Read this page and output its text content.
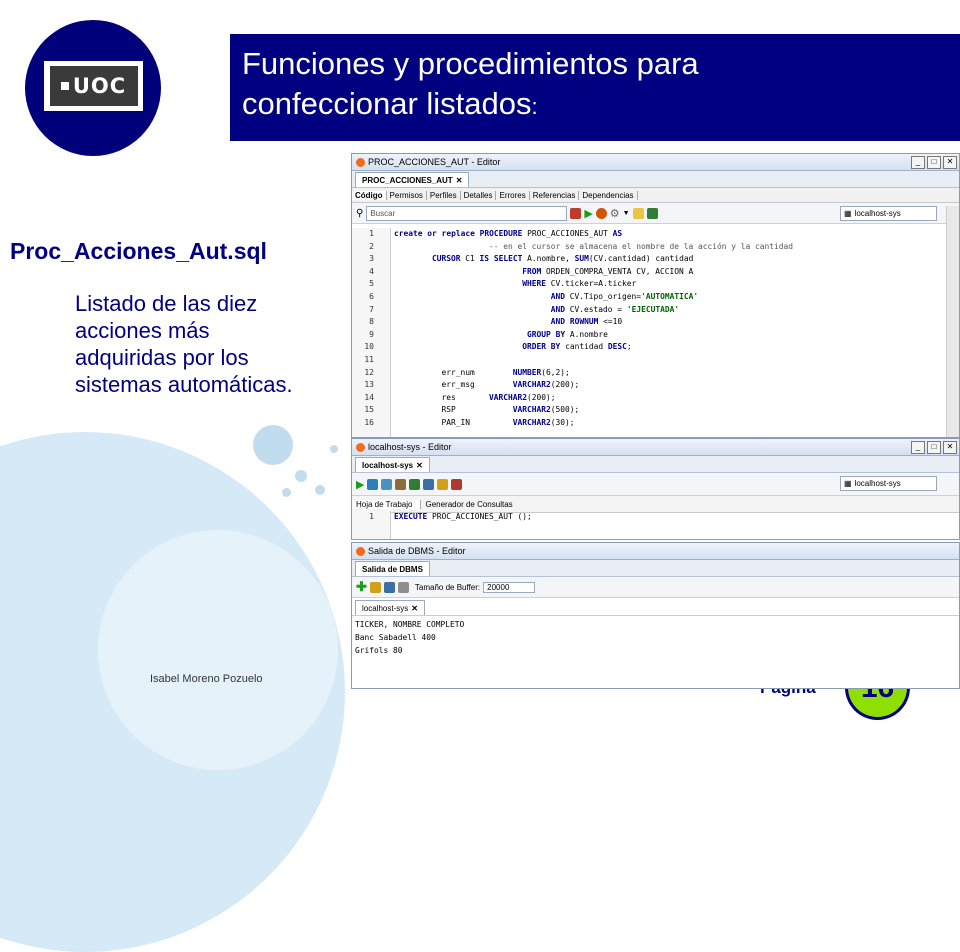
UOC
Funciones y procedimientos para
confeccionar listados:
Proc_Acciones_Aut.sql
Listado de las diez acciones más adquiridas por los sistemas automáticas.
Isabel Moreno Pozuelo
PROC_ACCIONES_AUT - Editor	_	□	✕
PROC_ACCIONES_AUT ✕
Código Permisos Perfiles Detalles Errores Referencias Dependencias
⚲ Buscar	▶ ⚙ ▼	▦ localhost-sys
1	create or replace PROCEDURE PROC_ACCIONES_AUT AS
2	-- en el cursor se almacena el nombre de la acción y la cantidad
3	CURSOR C1 IS SELECT A.nombre, SUM(CV.cantidad) cantidad
4	FROM ORDEN_COMPRA_VENTA CV, ACCION A
5	WHERE CV.ticker=A.ticker
6	AND CV.Tipo_origen='AUTOMATICA'
7	AND CV.estado = 'EJECUTADA'
8	AND ROWNUM <=10
9	GROUP BY A.nombre
10	ORDER BY cantidad DESC;
11
12	err_num        NUMBER(6,2);
13	err_msg        VARCHAR2(200);
14	res       VARCHAR2(200);
15	RSP            VARCHAR2(500);
16	PAR_IN         VARCHAR2(30);
localhost-sys - Editor	_	□	✕
localhost-sys ✕
▶	▦ localhost-sys
Hoja de Trabajo	Generador de Consultas
1	EXECUTE PROC_ACCIONES_AUT ();
Salida de DBMS - Editor
Salida de DBMS
✚	Tamaño de Buffer: 20000
localhost-sys ✕
TICKER, NOMBRE COMPLETO
Banc Sabadell 400
Grifols 80
